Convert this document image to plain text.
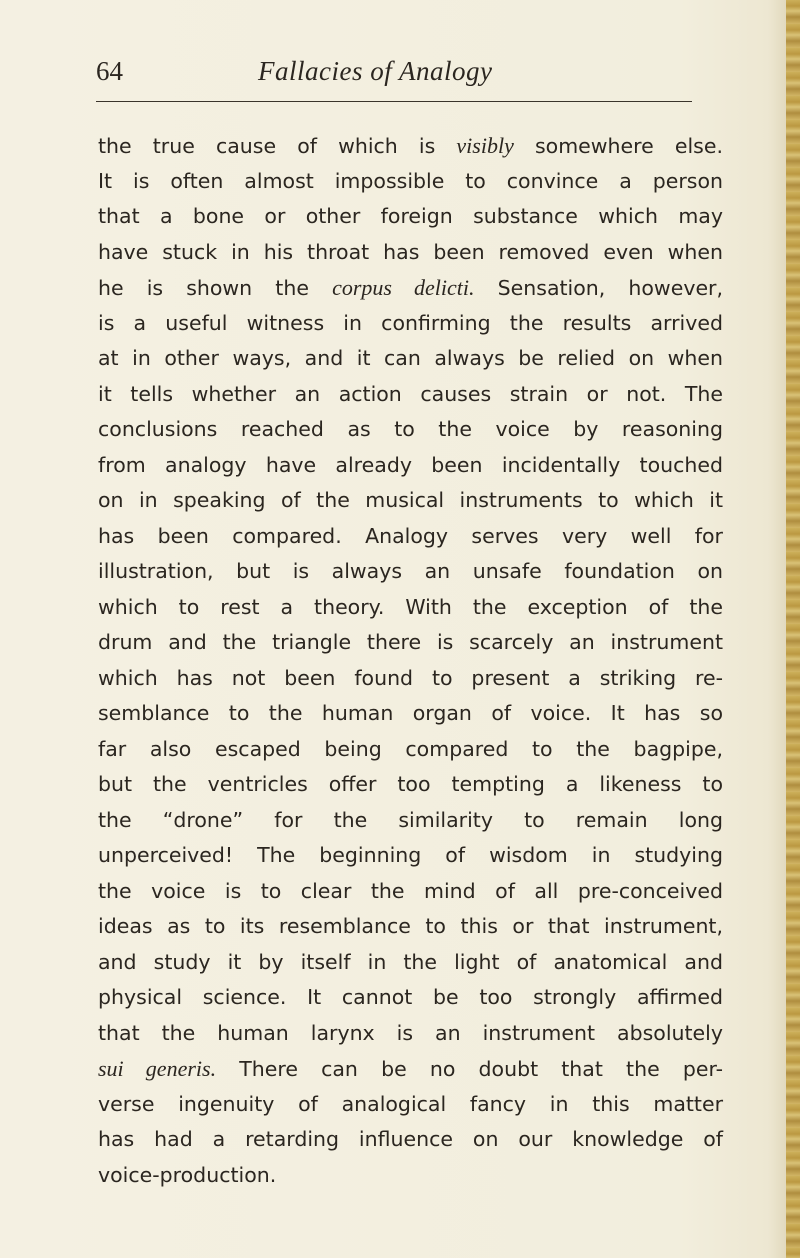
64	Fallacies of Analogy
the true cause of which is visibly somewhere else.
It is often almost impossible to convince a person
that a bone or other foreign substance which may
have stuck in his throat has been removed even when
he is shown the corpus delicti. Sensation, however,
is a useful witness in confirming the results arrived
at in other ways, and it can always be relied on when
it tells whether an action causes strain or not. The
conclusions reached as to the voice by reasoning
from analogy have already been incidentally touched
on in speaking of the musical instruments to which it
has been compared. Analogy serves very well for
illustration, but is always an unsafe foundation on
which to rest a theory. With the exception of the
drum and the triangle there is scarcely an instrument
which has not been found to present a striking re-
semblance to the human organ of voice. It has so
far also escaped being compared to the bagpipe,
but the ventricles offer too tempting a likeness to
the “drone” for the similarity to remain long
unperceived! The beginning of wisdom in studying
the voice is to clear the mind of all pre-conceived
ideas as to its resemblance to this or that instrument,
and study it by itself in the light of anatomical and
physical science. It cannot be too strongly affirmed
that the human larynx is an instrument absolutely
sui generis. There can be no doubt that the per-
verse ingenuity of analogical fancy in this matter
has had a retarding influence on our knowledge of
voice-production.
